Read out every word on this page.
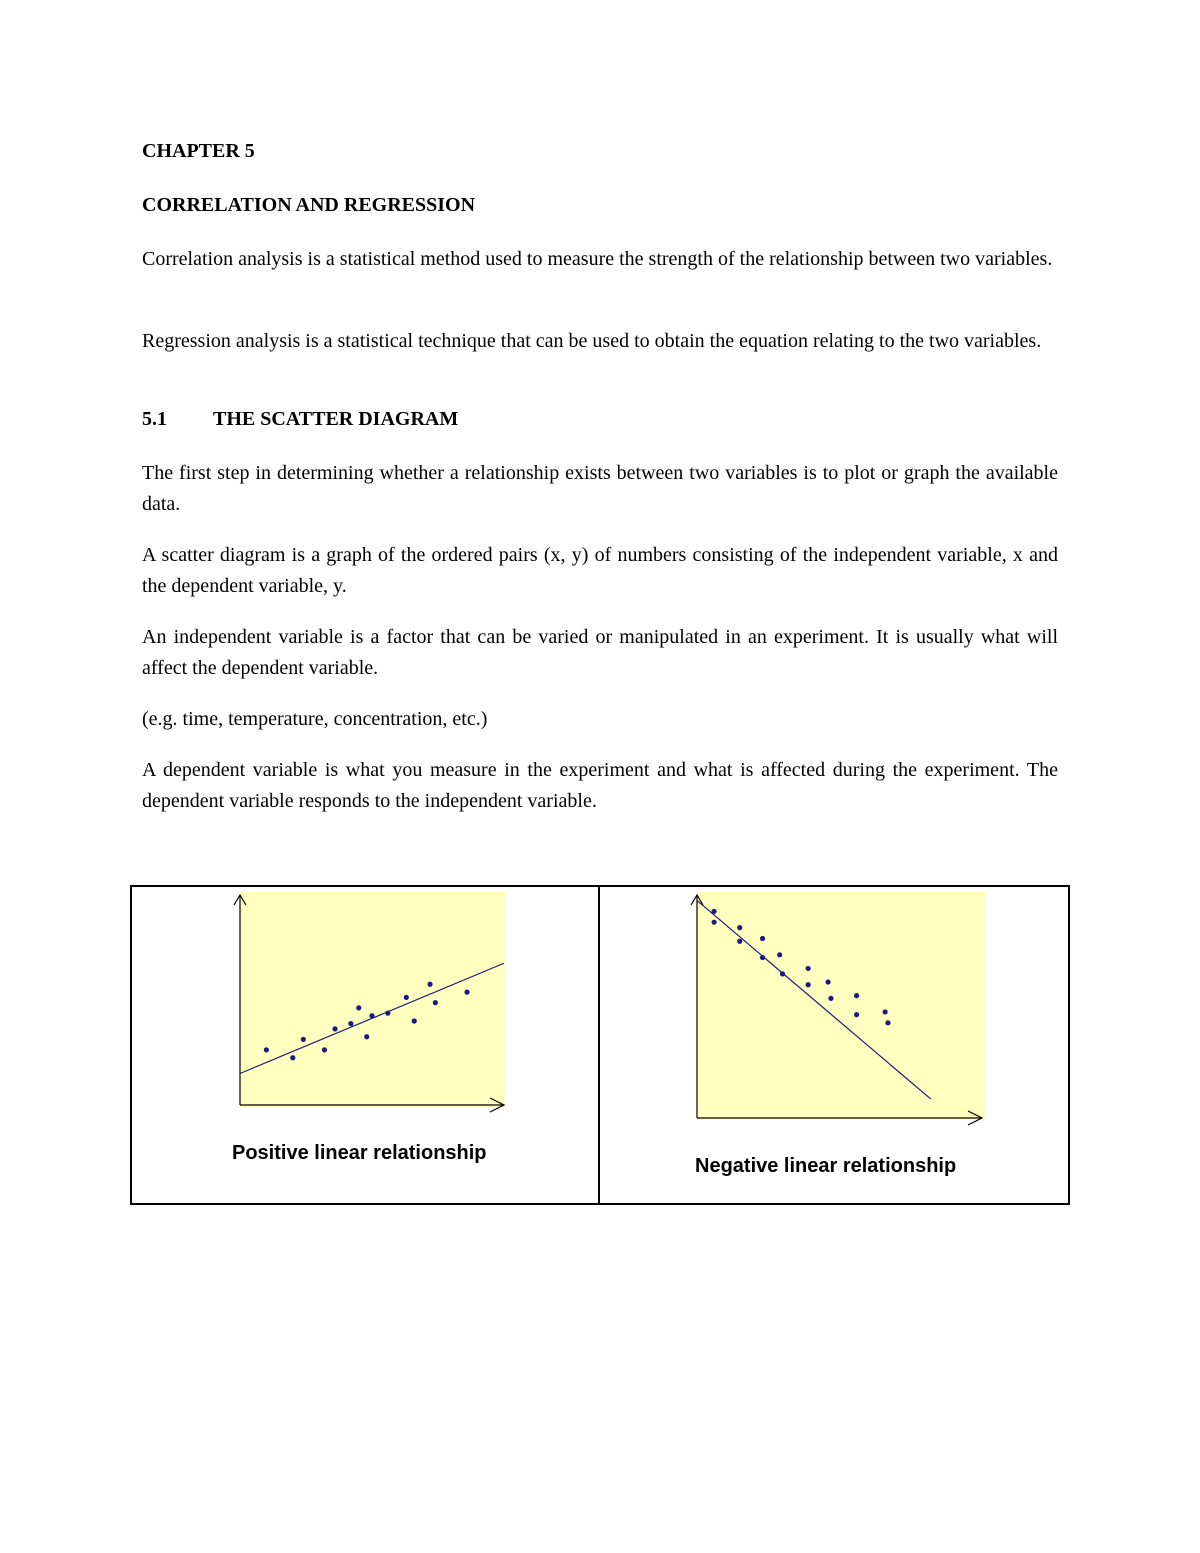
CHAPTER 5

CORRELATION AND REGRESSION

Correlation analysis is a statistical method used to measure the strength of the relationship between two variables.

Regression analysis is a statistical technique that can be used to obtain the equation relating to the two variables.

5.1 THE SCATTER DIAGRAM

The first step in determining whether a relationship exists between two variables is to plot or graph the available data.

A scatter diagram is a graph of the ordered pairs (x, y) of numbers consisting of the independent variable, x and the dependent variable, y.

An independent variable is a factor that can be varied or manipulated in an experiment. It is usually what will affect the dependent variable.

(e.g. time, temperature, concentration, etc.)

A dependent variable is what you measure in the experiment and what is affected during the experiment. The dependent variable responds to the independent variable.

Positive linear relationship
Negative linear relationship
